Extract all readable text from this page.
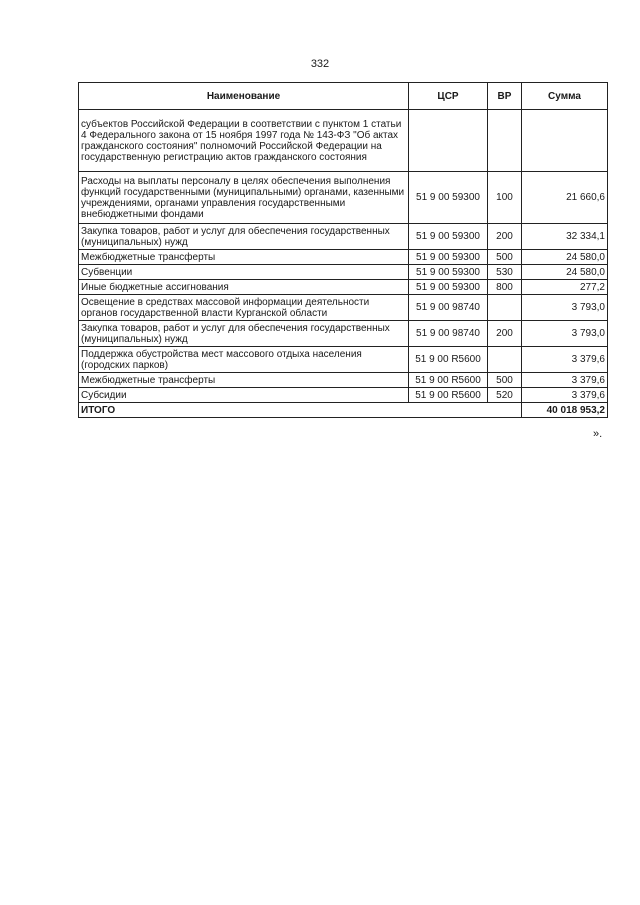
332
Наименование	ЦСР	ВР	Сумма
субъектов Российской Федерации в соответствии с пунктом 1 статьи 4 Федерального закона от 15 ноября 1997 года № 143-ФЗ "Об актах гражданского состояния" полномочий Российской Федерации на государственную регистрацию актов гражданского состояния			
Расходы на выплаты персоналу в целях обеспечения выполнения функций государственными (муниципальными) органами, казенными учреждениями, органами управления государственными внебюджетными фондами	51 9 00 59300	100	21 660,6
Закупка товаров, работ и услуг для обеспечения государственных (муниципальных) нужд	51 9 00 59300	200	32 334,1
Межбюджетные трансферты	51 9 00 59300	500	24 580,0
Субвенции	51 9 00 59300	530	24 580,0
Иные бюджетные ассигнования	51 9 00 59300	800	277,2
Освещение в средствах массовой информации деятельности органов государственной власти Курганской области	51 9 00 98740		3 793,0
Закупка товаров, работ и услуг для обеспечения государственных (муниципальных) нужд	51 9 00 98740	200	3 793,0
Поддержка обустройства мест массового отдыха населения (городских парков)	51 9 00 R5600		3 379,6
Межбюджетные трансферты	51 9 00 R5600	500	3 379,6
Субсидии	51 9 00 R5600	520	3 379,6
ИТОГО			40 018 953,2
».
